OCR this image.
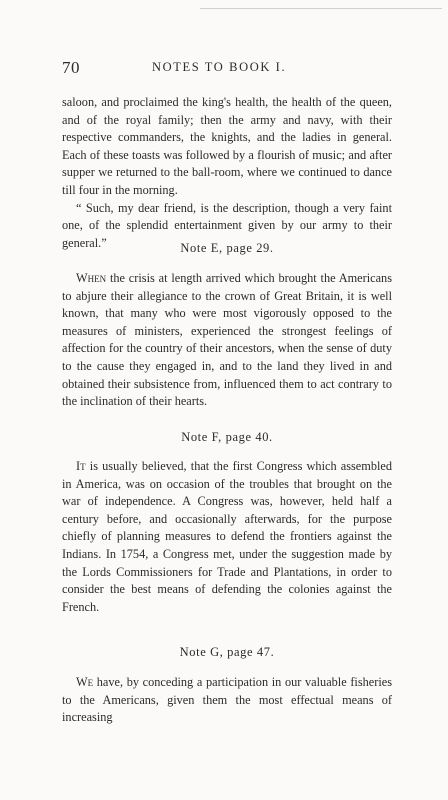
70	NOTES TO BOOK I.

saloon, and proclaimed the king's health, the health of the queen, and of the royal family; then the army and navy, with their respective commanders, the knights, and the ladies in general. Each of these toasts was followed by a flourish of music; and after supper we returned to the ball-room, where we continued to dance till four in the morning.

“ Such, my dear friend, is the description, though a very faint one, of the splendid entertainment given by our army to their general.”	Note E, page 29.

When the crisis at length arrived which brought the Americans to abjure their allegiance to the crown of Great Britain, it is well known, that many who were most vigorously opposed to the measures of ministers, experienced the strongest feelings of affection for the country of their ancestors, when the sense of duty to the cause they engaged in, and to the land they lived in and obtained their subsistence from, influenced them to act contrary to the inclination of their hearts.

Note F, page 40.

It is usually believed, that the first Congress which assembled in America, was on occasion of the troubles that brought on the war of independence. A Congress was, however, held half a century before, and occasionally afterwards, for the purpose chiefly of planning measures to defend the frontiers against the Indians. In 1754, a Congress met, under the suggestion made by the Lords Commissioners for Trade and Plantations, in order to consider the best means of defending the colonies against the French.

Note G, page 47.

We have, by conceding a participation in our valuable fisheries to the Americans, given them the most effectual means of increasing
